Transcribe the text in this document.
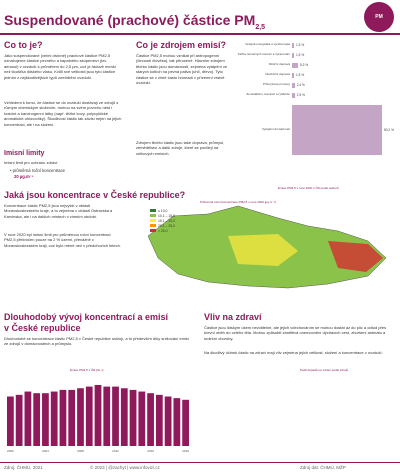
Suspendované (prachové) částice $PM_{2,5}$
PM
Co to je?
Jako suspendované (velmi drobné) prachové částice PM2,5 označujeme částice pevného a kapalného skupenství (tzv. aerosol) v ovzduší s průměrem do 2,5 µm, což je řádově menší než tloušťka lidského vlasu. Kvůli své velikosti jsou tyto částice jedním z nejškodlivějších typů znečištění ovzduší.
Vzhledem k tomu, že částice se do ovzduší dostávají ze zdrojů s různým chemickým složením, mohou na svém povrchu nést i toxické a karcinogenní látky (např. těžké kovy, polycyklické aromatické uhlovodíky). Škodlivost částic tak závisí nejen na jejich koncentraci, ale i na složení.
Imisní limity
Imisní limit pro ochranu zdraví:
• průměrná roční koncentrace
20 µg.m⁻³
Co je zdrojem emisí?
Částice PM2,5 mohou vznikat při antropogenní (činností člověka), tak přirozené. Hlavním zdrojem těchto částic jsou domácnosti, zejména vytápění ve starých kotlích na pevná paliva (uhlí, dřevo). Tyto částice se v zimě často hromadí v přízemní vrstvě ovzduší.
Zdrojem těchto částic jsou také doprava, průmysl, zemědělství a další zdroje, které se podílejí na celkových emisích.
Veřejná energetika a výroba tepla	1,5 %
Těžba nerostných surovin a zpracování	1,5 %
Silniční doprava	5,3 %
Nesilniční doprava	1,5 %
Průmyslové procesy	2,4 %
Zemědělství, lesnictví a rybářství	2,5 %
Vytápění domácností	80,2 %
Emise PM2,5 v roce 2020 v ČR podle sektorů
Jaká jsou koncentrace v České republice?
Koncentrace částic PM2,5 jsou nejvyšší v oblasti Moravskoslezského kraje, a to zejména v oblasti Ostravska a Karvinska, ale i na dalších místech v zimním období.
V roce 2020 byl imisní limit pro průměrnou roční koncentraci PM2,5 překročen pouze na 2 % území, převážně v Moravskoslezském kraji, což bylo méně než v předchozích letech.
Průměrná roční koncentrace PM2,5 v roce 2020 [µg.m⁻³]
≤ 10,0
10,1 – 15,0
15,1 – 20,0
20,1 – 25,0
> 25,0
Dlouhodobý vývoj koncentrací a emisí
v České republice
Dlouhodobě se koncentrace částic PM2,5 v České republice snižují, a to především díky snižování emisí ze zdrojů v domácnostech a průmyslu.
Emise PM2,5 v ČR [tis. t]
2000	2004	2008	2012	2016	2020
Vliv na zdraví
Částice jsou lidským okem neviditelné, ale jejich vdechováním se mohou dostat až do plic a odtud přes krevní oběh do celého těla. Mohou způsobit zánětlivá onemocnění dýchacích cest, zhoršení astmatu a srdeční choroby.
Na škodlivý účinek částic na zdraví mají vliv zejména jejich velikost, složení a koncentrace v ovzduší.
Podíl dopadů na zdraví podle zdrojů
Zdroj: ČHMÚ, 2021	© 2023 | @zachyt | www.infovizi.cz	Zdroj dat: ČHMÚ, MŽP
